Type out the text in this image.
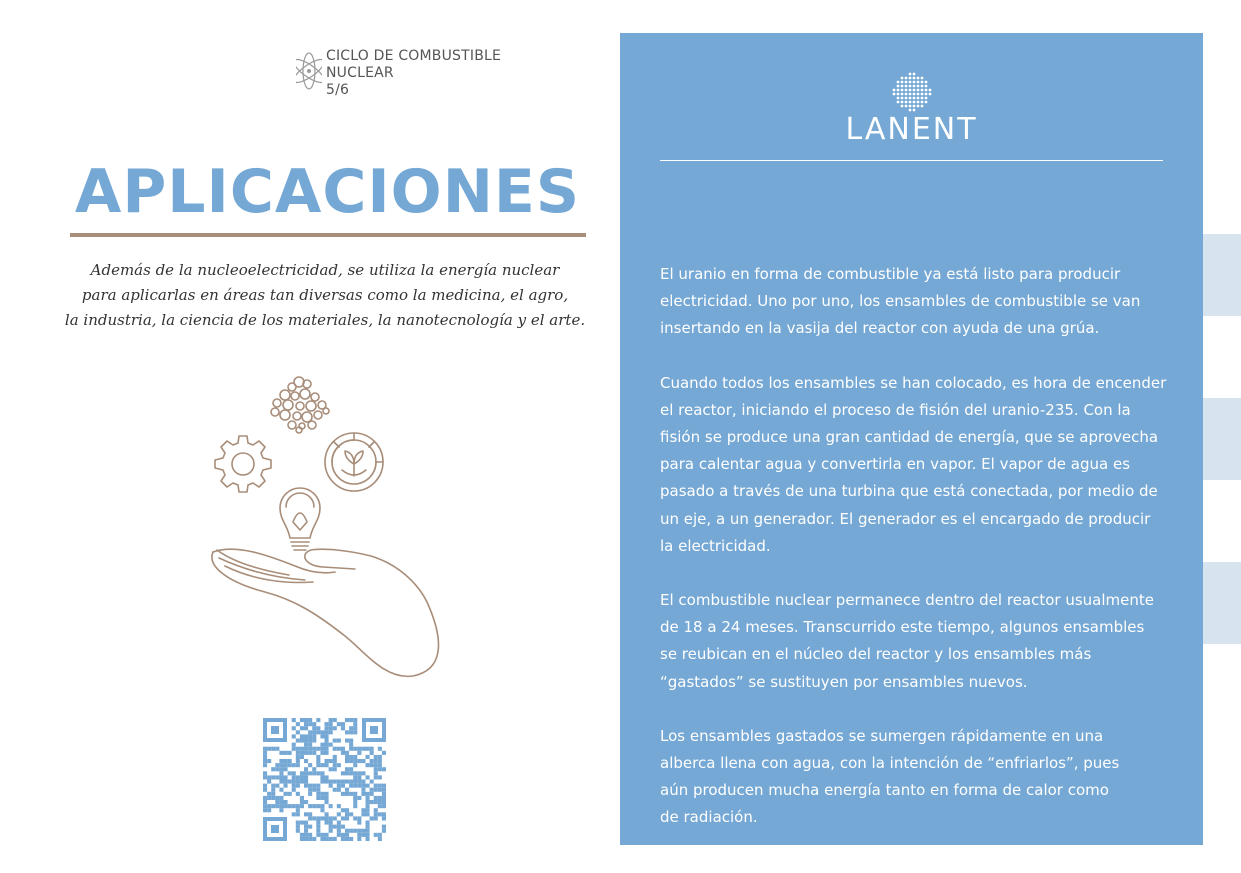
CICLO DE COMBUSTIBLE
NUCLEAR
5/6
APLICACIONES
Además de la nucleoelectricidad, se utiliza la energía nuclear
para aplicarlas en áreas tan diversas como la medicina, el agro,
la industria, la ciencia de los materiales, la nanotecnología y el arte.
LANENT

El uranio en forma de combustible ya está listo para producir
electricidad. Uno por uno, los ensambles de combustible se van
insertando en la vasija del reactor con ayuda de una grúa.

Cuando todos los ensambles se han colocado, es hora de encender
el reactor, iniciando el proceso de fisión del uranio-235. Con la
fisión se produce una gran cantidad de energía, que se aprovecha
para calentar agua y convertirla en vapor. El vapor de agua es
pasado a través de una turbina que está conectada, por medio de
un eje, a un generador. El generador es el encargado de producir
la electricidad.

El combustible nuclear permanece dentro del reactor usualmente
de 18 a 24 meses. Transcurrido este tiempo, algunos ensambles
se reubican en el núcleo del reactor y los ensambles más
“gastados” se sustituyen por ensambles nuevos.

Los ensambles gastados se sumergen rápidamente en una
alberca llena con agua, con la intención de “enfriarlos”, pues
aún producen mucha energía tanto en forma de calor como
de radiación.
